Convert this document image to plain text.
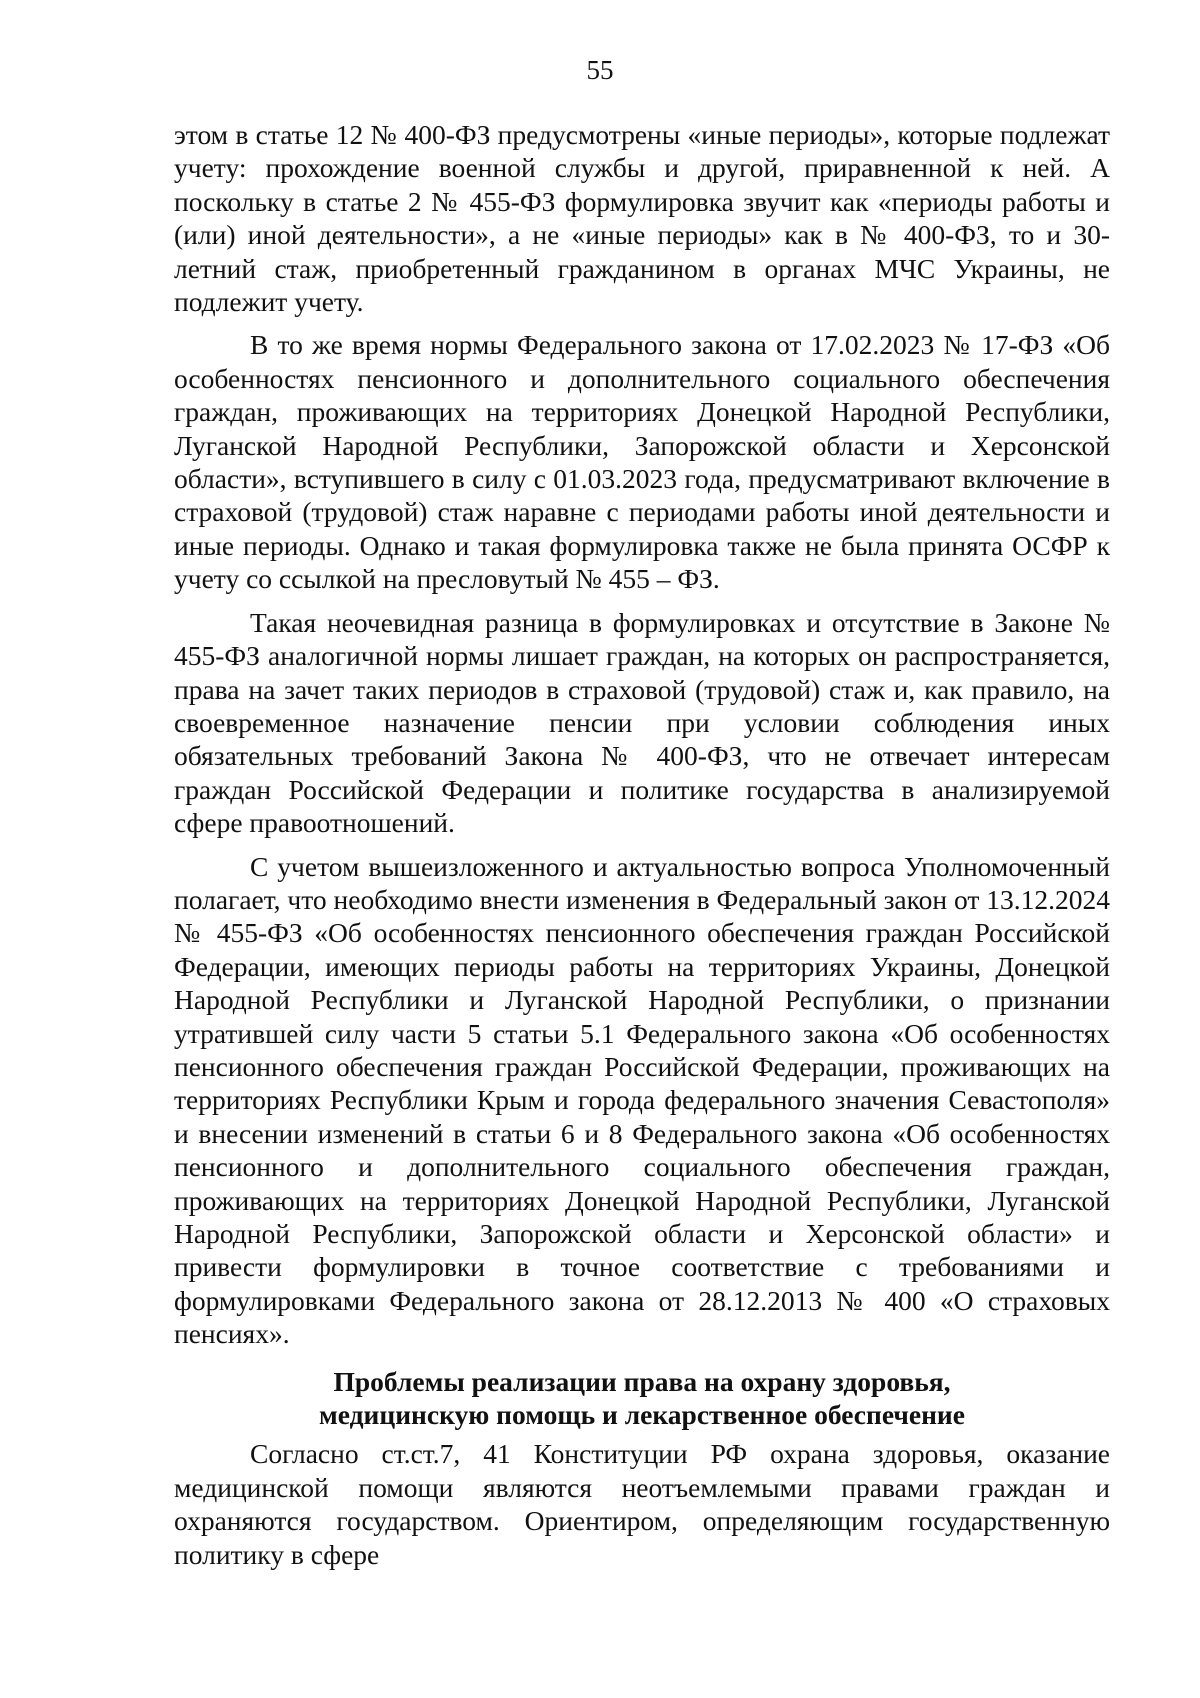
55

этом в статье 12 № 400-ФЗ предусмотрены «иные периоды», которые подлежат учету: прохождение военной службы и другой, приравненной к ней. А поскольку в статье 2 № 455-ФЗ формулировка звучит как «периоды работы и (или) иной деятельности», а не «иные периоды» как в № 400-ФЗ, то и 30-летний стаж, приобретенный гражданином в органах МЧС Украины, не подлежит учету.

В то же время нормы Федерального закона от 17.02.2023 № 17-ФЗ «Об особенностях пенсионного и дополнительного социального обеспечения граждан, проживающих на территориях Донецкой Народной Республики, Луганской Народной Республики, Запорожской области и Херсонской области», вступившего в силу с 01.03.2023 года, предусматривают включение в страховой (трудовой) стаж наравне с периодами работы иной деятельности и иные периоды. Однако и такая формулировка также не была принята ОСФР к учету со ссылкой на пресловутый № 455 – ФЗ.

Такая неочевидная разница в формулировках и отсутствие в Законе № 455-ФЗ аналогичной нормы лишает граждан, на которых он распространяется, права на зачет таких периодов в страховой (трудовой) стаж и, как правило, на своевременное назначение пенсии при условии соблюдения иных обязательных требований Закона № 400-ФЗ, что не отвечает интересам граждан Российской Федерации и политике государства в анализируемой сфере правоотношений.

С учетом вышеизложенного и актуальностью вопроса Уполномоченный полагает, что необходимо внести изменения в Федеральный закон от 13.12.2024 № 455-ФЗ «Об особенностях пенсионного обеспечения граждан Российской Федерации, имеющих периоды работы на территориях Украины, Донецкой Народной Республики и Луганской Народной Республики, о признании утратившей силу части 5 статьи 5.1 Федерального закона «Об особенностях пенсионного обеспечения граждан Российской Федерации, проживающих на территориях Республики Крым и города федерального значения Севастополя» и внесении изменений в статьи 6 и 8 Федерального закона «Об особенностях пенсионного и дополнительного социального обеспечения граждан, проживающих на территориях Донецкой Народной Республики, Луганской Народной Республики, Запорожской области и Херсонской области» и привести формулировки в точное соответствие с требованиями и формулировками Федерального закона от 28.12.2013 № 400 «О страховых пенсиях».

Проблемы реализации права на охрану здоровья,
медицинскую помощь и лекарственное обеспечение

Согласно ст.ст.7, 41 Конституции РФ охрана здоровья, оказание медицинской помощи являются неотъемлемыми правами граждан и охраняются государством. Ориентиром, определяющим государственную политику в сфере
